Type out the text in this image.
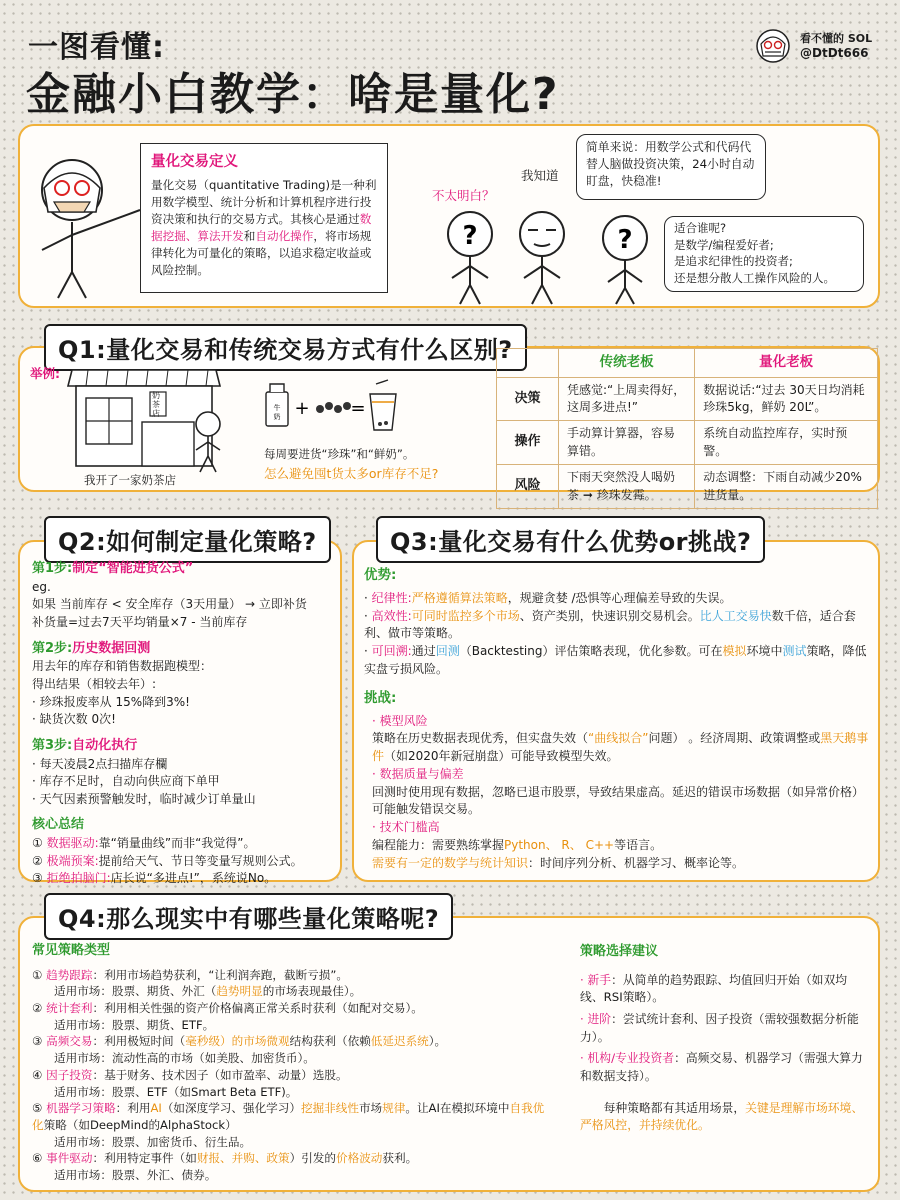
一图看懂:
金融小白教学：啥是量化?
看不懂的 SOL
@DtDt666
量化交易定义
量化交易（quantitative Trading)是一种利用数学模型、统计分析和计算机程序进行投资决策和执行的交易方式。其核心是通过数据挖掘、算法开发和自动化操作，将市场规律转化为可量化的策略，以追求稳定收益或风险控制。
不太明白？
我知道
简单来说：用数学公式和代码代替人脑做投资决策，24小时自动盯盘，快稳准!
适合谁呢?
是数学/编程爱好者;
是追求纪律性的投资者;
还是想分散人工操作风险的人。
?	?
Q1:量化交易和传统交易方式有什么区别?
举例:
奶茶店
我开了一家奶茶店
牛
奶 + =
每周要进货“珍珠”和“鲜奶”。
怎么避免囤t货太多or库存不足?
	传统老板	量化老板
决策	凭感觉:“上周卖得好，这周多进点!”	数据说话:“过去 30天日均消耗珍珠5kg，鲜奶 20L”。
操作	手动算计算器，容易算错。	系统自动监控库存，实时预警。
风险	下雨天突然没人喝奶茶 ➞ 珍珠发霉。	动态调整：下雨自动减少20%进货量。
Q2:如何制定量化策略?
第1步:制定“智能进货公式”
eg.
如果 当前库存 < 安全库存（3天用量） → 立即补货
补货量=过去7天平均销量×7 - 当前库存
第2步:历史数据回测
用去年的库存和销售数据跑模型：
得出结果（相较去年）:
· 珍珠报废率从 15%降到3%!
· 缺货次数 0次!
第3步:自动化执行
· 每天凌晨2点扫描库存欄
· 库存不足时，自动向供应商下单甲
· 天气因素预警触发时，临时减少订单量山
核心总结
① 数据驱动:靠“销量曲线”而非“我觉得”。
② 极端预案:提前给天气、节日等变量写规则公式。
③ 拒绝拍脑门:店长说“多进点!”，系统说No。
Q3:量化交易有什么优势or挑战?
优势:
· 纪律性:严格遵循算法策略，规避贪婪 /恐惧等心理偏差导致的失误。
· 高效性:可同时监控多个市场、资产类别，快速识别交易机会。比人工交易快数千倍，适合套利、做市等策略。
· 可回溯:通过回测（Backtesting）评估策略表现，优化参数。可在模拟环境中测试策略，降低实盘亏损风险。
挑战:
· 模型风险
策略在历史数据表现优秀，但实盘失效（“曲线拟合”问题） 。经济周期、政策调整或黑天鹅事件（如2020年新冠崩盘）可能导致模型失效。
· 数据质量与偏差
回测时使用现有数据，忽略已退市股票，导致结果虚高。延迟的错误市场数据（如异常价格）可能触发错误交易。
· 技术门槛高
编程能力：需要熟练掌握Python、 R、 C++等语言。
需要有一定的数学与统计知识：时间序列分析、机器学习、概率论等。
Q4:那么现实中有哪些量化策略呢?
常见策略类型
① 趋势跟踪：利用市场趋势获利，“让利润奔跑，截断亏损”。
适用市场：股票、期货、外汇（趋势明显的市场表现最佳）。
② 统计套利：利用相关性强的资产价格偏离正常关系时获利（如配对交易）。
适用市场：股票、期货、ETF。
③ 高频交易：利用极短时间（毫秒级）的市场微观结构获利（依赖低延迟系统）。
适用市场：流动性高的市场（如美股、加密货币）。
④ 因子投资：基于财务、技术因子（如市盈率、动量）选股。
适用市场：股票、ETF（如Smart Beta ETF)。
⑤ 机器学习策略：利用AI（如深度学习、强化学习）挖掘非线性市场规律。让AI在模拟环境中自我优化策略（如DeepMind的AlphaStock）
适用市场：股票、加密货币、衍生品。
⑥ 事件驱动：利用特定事件（如财报、并购、政策）引发的价格波动获利。
适用市场：股票、外汇、债券。
策略选择建议
· 新手：从简单的趋势跟踪、均值回归开始（如双均线、RSI策略）。
· 进阶：尝试统计套利、因子投资（需较强数据分析能力）。
· 机构/专业投资者：高频交易、机器学习（需强大算力和数据支持）。
每种策略都有其适用场景，关键是理解市场环境、严格风控，并持续优化。
